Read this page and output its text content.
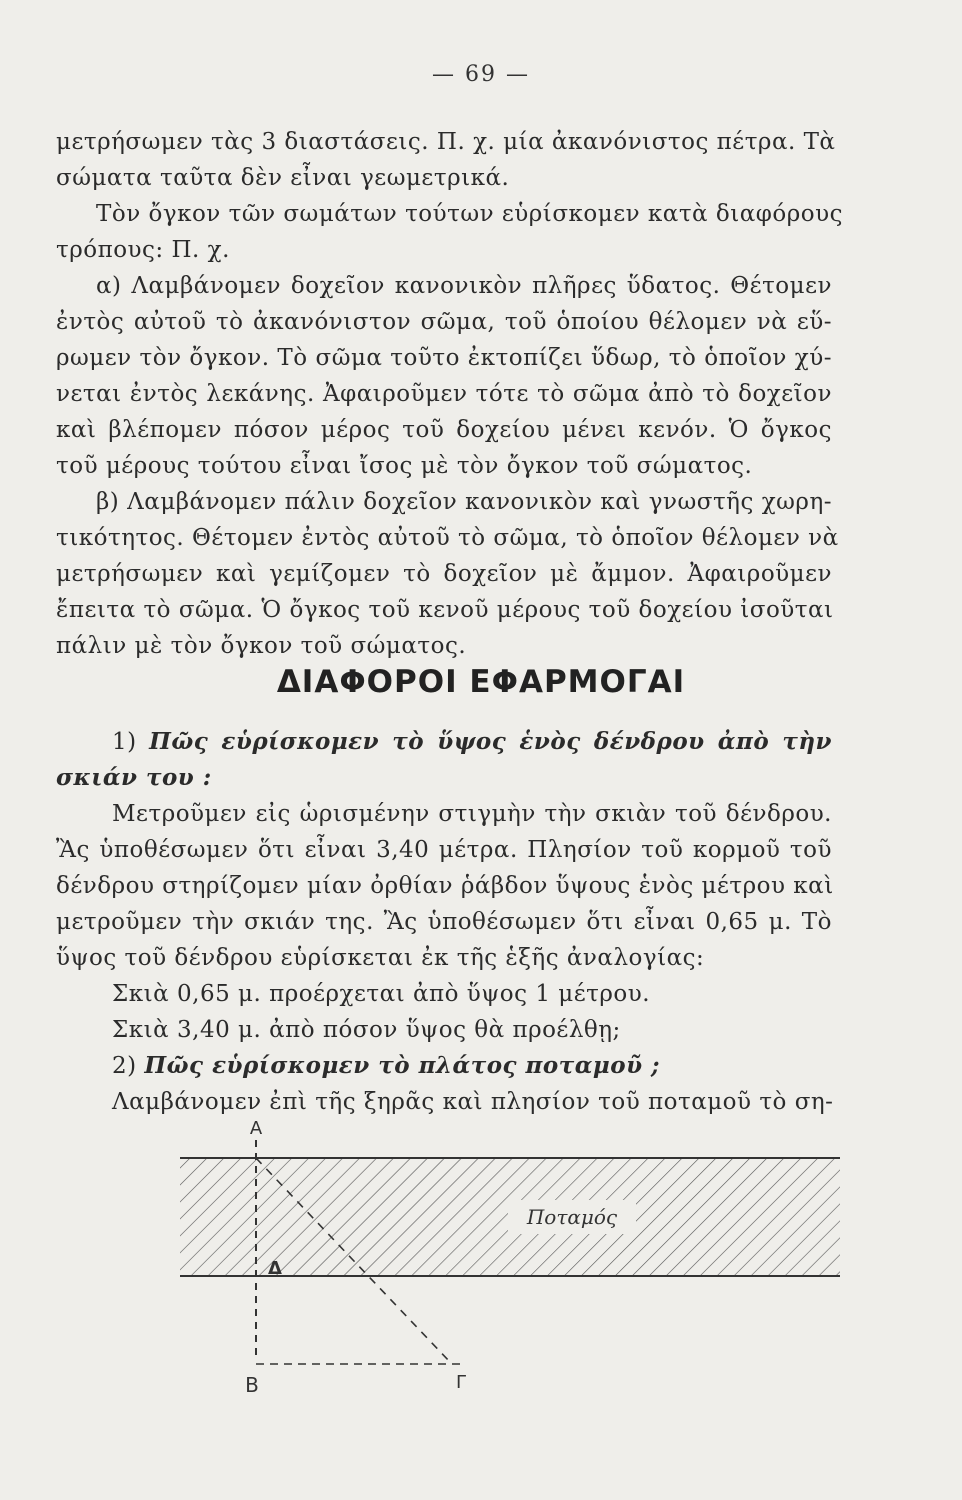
— 69 —
μετρήσωμεν τὰς 3 διαστάσεις. Π. χ. μία ἀκανόνιστος πέτρα. Τὰ
σώματα ταῦτα δὲν εἶναι γεωμετρικά.
Τὸν ὄγκον τῶν σωμάτων τούτων εὑρίσκομεν κατὰ διαφόρους
τρόπους: Π. χ.
α) Λαμβάνομεν δοχεῖον κανονικὸν πλῆρες ὕδατος. Θέτομεν
ἐντὸς αὐτοῦ τὸ ἀκανόνιστον σῶμα, τοῦ ὁποίου θέλομεν νὰ εὕ-
ρωμεν τὸν ὄγκον. Τὸ σῶμα τοῦτο ἐκτοπίζει ὕδωρ, τὸ ὁποῖον χύ-
νεται ἐντὸς λεκάνης. Ἀφαιροῦμεν τότε τὸ σῶμα ἀπὸ τὸ δοχεῖον
καὶ βλέπομεν πόσον μέρος τοῦ δοχείου μένει κενόν. Ὁ ὄγκος
τοῦ μέρους τούτου εἶναι ἴσος μὲ τὸν ὄγκον τοῦ σώματος.
β) Λαμβάνομεν πάλιν δοχεῖον κανονικὸν καὶ γνωστῆς χωρη-
τικότητος. Θέτομεν ἐντὸς αὐτοῦ τὸ σῶμα, τὸ ὁποῖον θέλομεν νὰ
μετρήσωμεν καὶ γεμίζομεν τὸ δοχεῖον μὲ ἄμμον. Ἀφαιροῦμεν
ἔπειτα τὸ σῶμα. Ὁ ὄγκος τοῦ κενοῦ μέρους τοῦ δοχείου ἰσοῦται
πάλιν μὲ τὸν ὄγκον τοῦ σώματος.
ΔΙΑΦΟΡΟΙ ΕΦΑΡΜΟΓΑΙ
1) Πῶς εὑρίσκομεν τὸ ὕψος ἑνὸς δένδρου ἀπὸ τὴν
σκιάν του :
Μετροῦμεν εἰς ὡρισμένην στιγμὴν τὴν σκιὰν τοῦ δένδρου.
Ἂς ὑποθέσωμεν ὅτι εἶναι 3,40 μέτρα. Πλησίον τοῦ κορμοῦ τοῦ
δένδρου στηρίζομεν μίαν ὀρθίαν ῥάβδον ὕψους ἑνὸς μέτρου καὶ
μετροῦμεν τὴν σκιάν της. Ἂς ὑποθέσωμεν ὅτι εἶναι 0,65 μ. Τὸ
ὕψος τοῦ δένδρου εὑρίσκεται ἐκ τῆς ἑξῆς ἀναλογίας:
Σκιὰ 0,65 μ. προέρχεται ἀπὸ ὕψος 1 μέτρου.
Σκιὰ 3,40 μ. ἀπὸ πόσον ὕψος θὰ προέλθῃ;
2) Πῶς εὑρίσκομεν τὸ πλάτος ποταμοῦ ;
Λαμβάνομεν ἐπὶ τῆς ξηρᾶς καὶ πλησίον τοῦ ποταμοῦ τὸ ση-
Ποταμός
Α
Δ
Β	Γ
